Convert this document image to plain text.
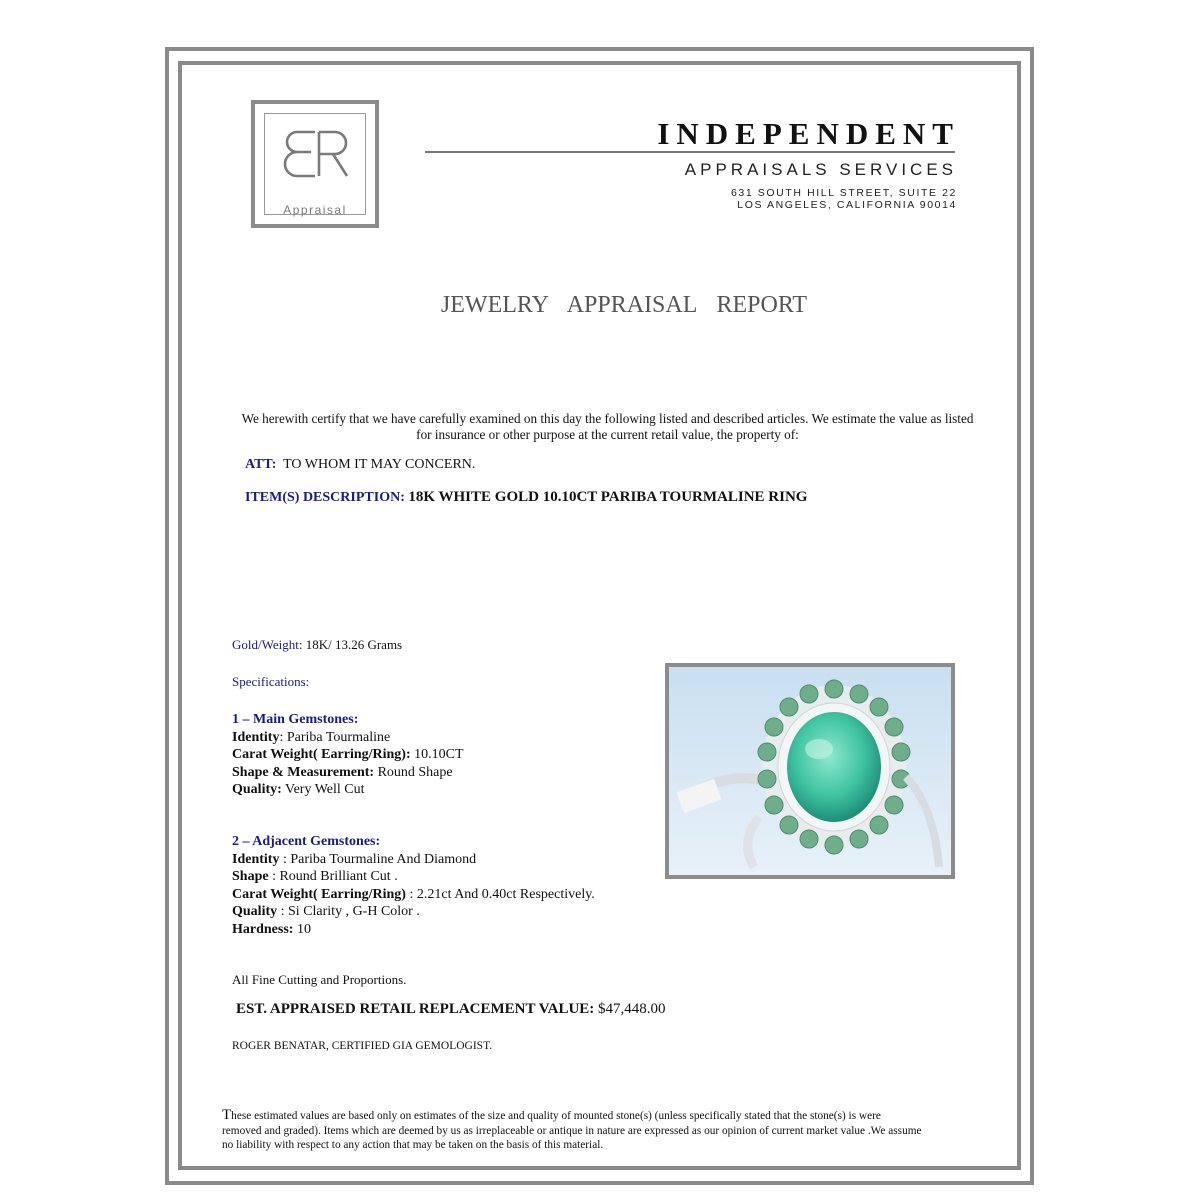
Appraisal
INDEPENDENT
APPRAISALS SERVICES
631 SOUTH HILL STREET, SUITE 22
LOS ANGELES, CALIFORNIA 90014
JEWELRY APPRAISAL REPORT
We herewith certify that we have carefully examined on this day the following listed and described articles. We estimate the value as listed for insurance or other purpose at the current retail value, the property of:
ATT: TO WHOM IT MAY CONCERN.
ITEM(S) DESCRIPTION: 18K WHITE GOLD 10.10CT PARIBA TOURMALINE RING
Gold/Weight: 18K/ 13.26 Grams
Specifications:
1 – Main Gemstones:
Identity: Pariba Tourmaline
Carat Weight( Earring/Ring): 10.10CT
Shape & Measurement: Round Shape
Quality: Very Well Cut
2 – Adjacent Gemstones:
Identity : Pariba Tourmaline And Diamond
Shape : Round Brilliant Cut .
Carat Weight( Earring/Ring) : 2.21ct And 0.40ct Respectively.
Quality : Si Clarity , G-H Color .
Hardness: 10
All Fine Cutting and Proportions.
EST. APPRAISED RETAIL REPLACEMENT VALUE: $47,448.00
ROGER BENATAR, CERTIFIED GIA GEMOLOGIST.
These estimated values are based only on estimates of the size and quality of mounted stone(s) (unless specifically stated that the stone(s) is were removed and graded). Items which are deemed by us as irreplaceable or antique in nature are expressed as our opinion of current market value .We assume no liability with respect to any action that may be taken on the basis of this material.
